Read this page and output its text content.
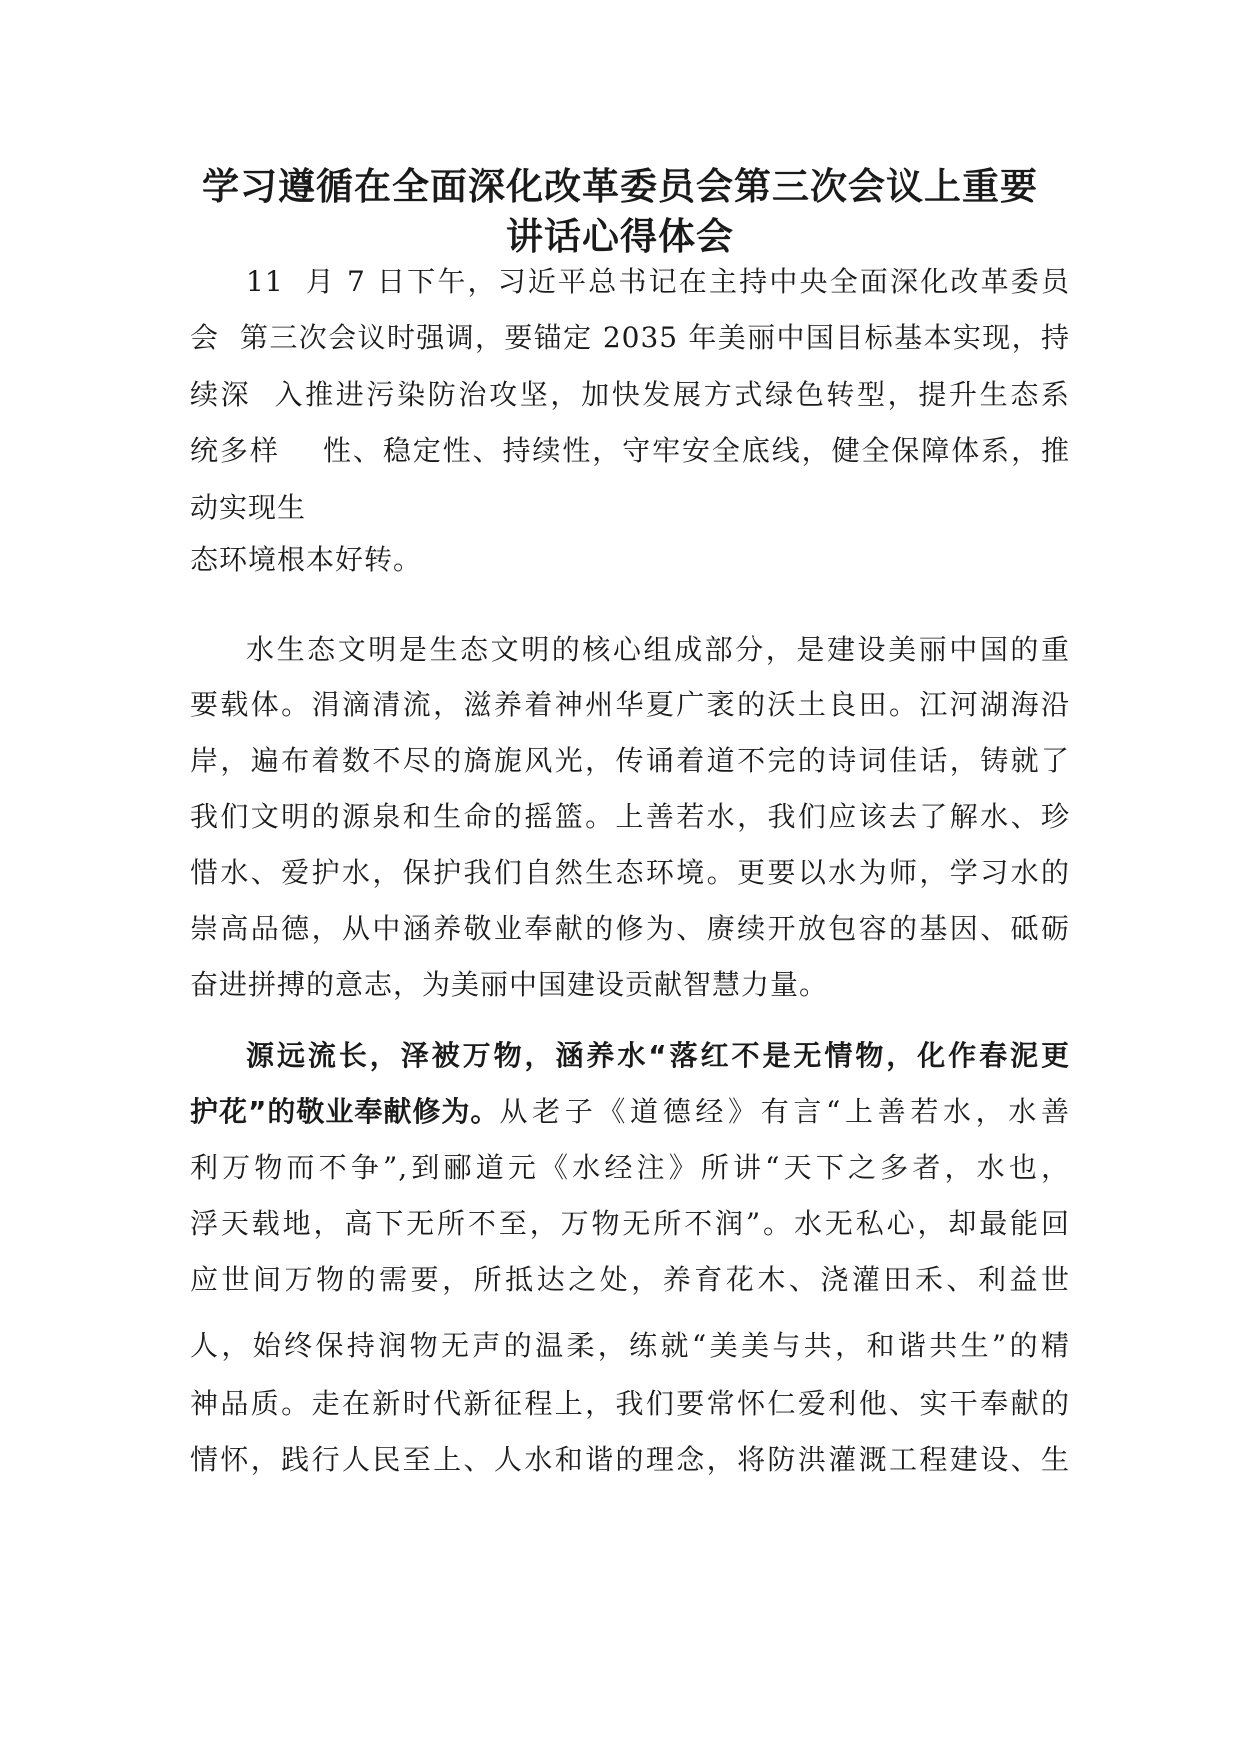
学习遵循在全面深化改革委员会第三次会议上重要
讲话心得体会
11  月 7 日下午，习近平总书记在主持中央全面深化改革委员
会  第三次会议时强调，要锚定 2035 年美丽中国目标基本实现，持
续深  入推进污染防治攻坚，加快发展方式绿色转型，提升生态系
统多样    性、稳定性、持续性，守牢安全底线，健全保障体系，推
动实现生
态环境根本好转。
水生态文明是生态文明的核心组成部分，是建设美丽中国的重
要载体。涓滴清流，滋养着神州华夏广袤的沃土良田。江河湖海沿
岸，遍布着数不尽的旖旎风光，传诵着道不完的诗词佳话，铸就了
我们文明的源泉和生命的摇篮。上善若水，我们应该去了解水、珍
惜水、爱护水，保护我们自然生态环境。更要以水为师，学习水的
崇高品德，从中涵养敬业奉献的修为、赓续开放包容的基因、砥砺
奋进拼搏的意志，为美丽中国建设贡献智慧力量。
源远流长，泽被万物，涵养水“落红不是无情物，化作春泥更
护花”的敬业奉献修为。 从老子《道德经》有言“上善若水，水善
利万物而不争”,到郦道元《水经注》所讲“天下之多者，水也，
浮天载地，高下无所不至，万物无所不润”。水无私心，却最能回
应世间万物的需要，所抵达之处，养育花木、浇灌田禾、利益世
人，始终保持润物无声的温柔，练就“美美与共，和谐共生”的精
神品质。走在新时代新征程上，我们要常怀仁爱利他、实干奉献的
情怀，践行人民至上、人水和谐的理念，将防洪灌溉工程建设、生
